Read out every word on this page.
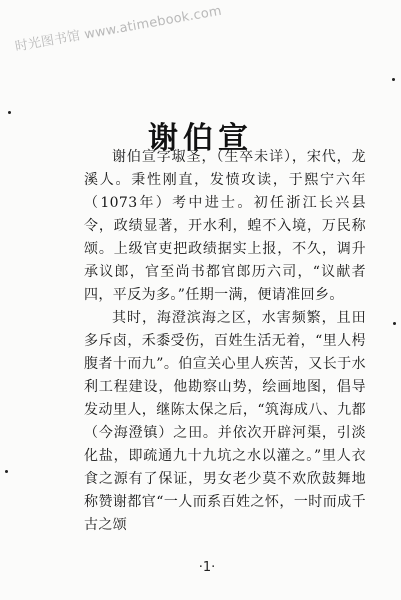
时光图书馆 www.atimebook.com
谢伯宣

谢伯宣字琡圣，（生卒未详），宋代，龙溪人。秉性刚直，发愤攻读，于熙宁六年（1073年）考中进士。初任浙江长兴县令，政绩显著，开水利，蝗不入境，万民称颂。上级官吏把政绩据实上报，不久，调升承议郎，官至尚书都官郎历六司，“议献者四，平反为多。”任期一满，便请准回乡。

其时，海澄滨海之区，水害频繁，且田多斥卤，禾黍受伤，百姓生活无着，“里人枵腹者十而九”。伯宣关心里人疾苦，又长于水利工程建设，他勘察山势，绘画地图，倡导发动里人，继陈太保之后，“筑海成八、九都（今海澄镇）之田。并依次开辟河渠，引淡化盐，即疏通九十九坑之水以灌之。”里人衣食之源有了保证，男女老少莫不欢欣鼓舞地称赞谢都官“一人而系百姓之怀，一时而成千古之颂

·1·
